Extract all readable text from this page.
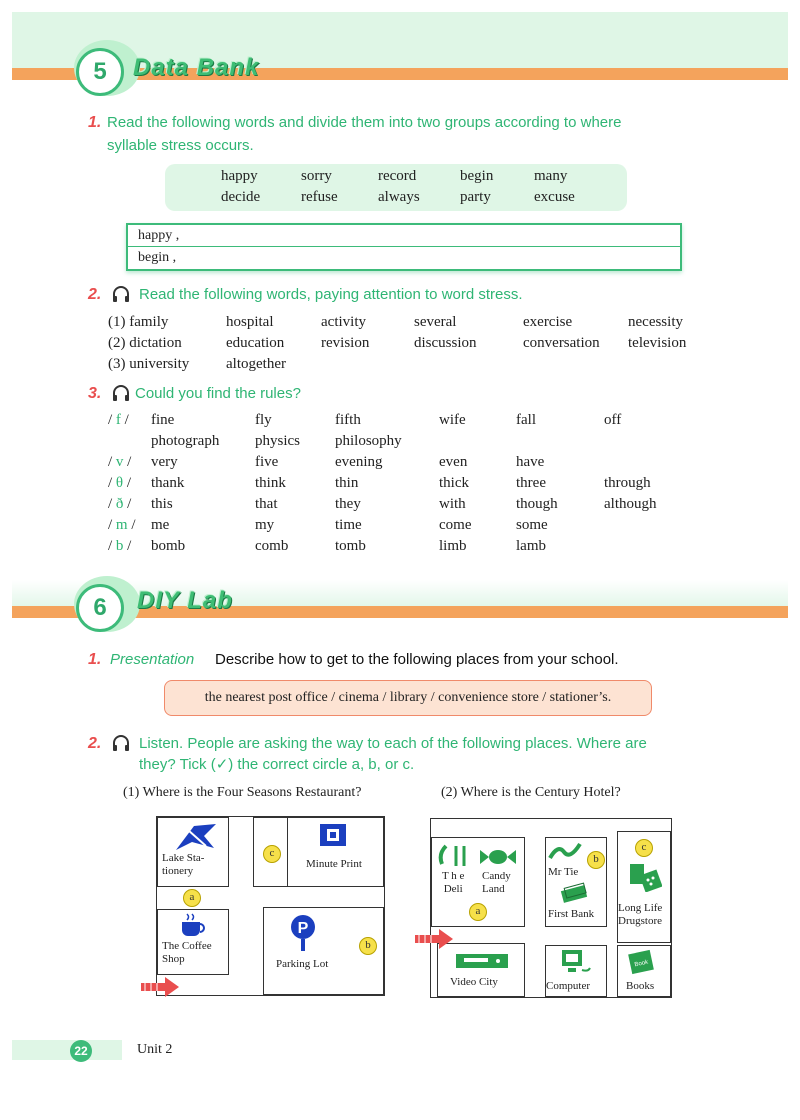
5	Data Bank
1. Read the following words and divide them into two groups according to where
syllable stress occurs.
happy	sorry	record	begin	many
decide	refuse	always	party	excuse
happy ,
begin ,
2.	Read the following words, paying attention to word stress.
(1) family	hospital	activity	several	exercise	necessity
(2) dictation	education revision	discussion	conversation television
(3) university altogether
3. Could you find the rules?
/ f / fine	fly	fifth	wife	fall	off
photograph physics philosophy
/ v / very	five	evening	even	have
/ θ / thank	think	thin	thick	three	through
/ ð / this	that	they	with	though	although
/ m / me	my	time	come	some
/ b / bomb	comb	tomb	limb	lamb
6	DIY Lab
1. Presentation Describe how to get to the following places from your school.
the nearest post office / cinema / library / convenience store / stationer’s.
2.	Listen. People are asking the way to each of the following places. Where are
they? Tick (✓) the correct circle a, b, or c.
(1) Where is the Four Seasons Restaurant?	(2) Where is the Century Hotel?
Lake Sta-
tionery
Minute Print
The Coffee
Shop
P
Parking Lot
c
a
b
T h e
Deli
Candy
Land
Mr Tie
First Bank Long Life
Drugstore
Video City	Computer
Book
Books
a
b
c
22	Unit 2
